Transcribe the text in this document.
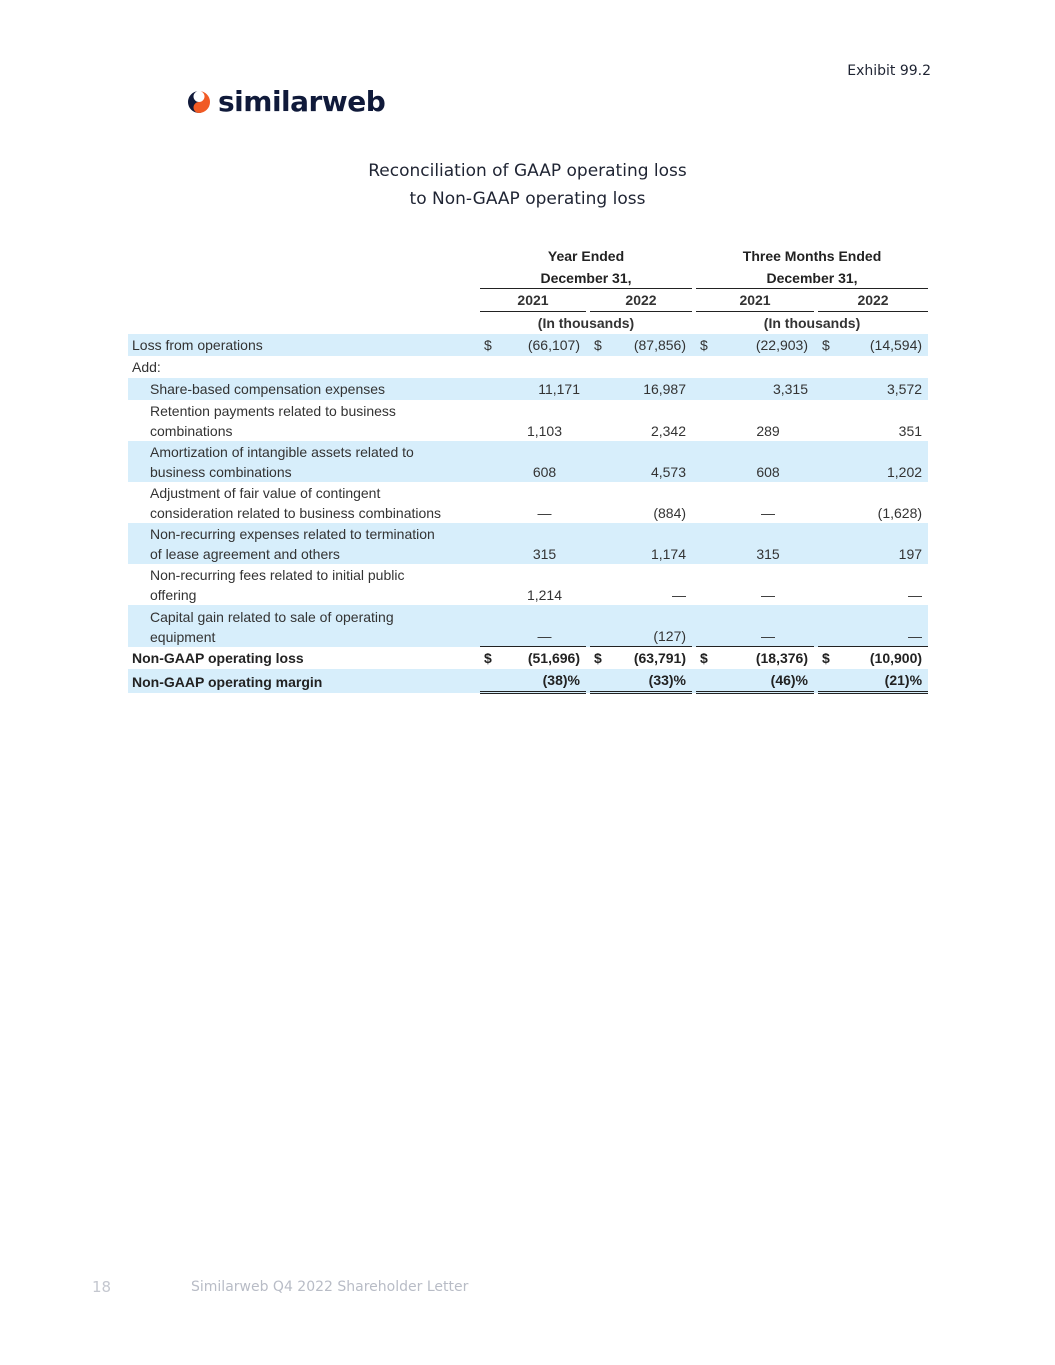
Exhibit 99.2
similarweb
Reconciliation of GAAP operating loss
to Non-GAAP operating loss

	Year Ended						Three Months Ended				

	December 31,						December 31,				
	2021			2022			2021			2022	
	(In thousands)						(In thousands)				
Loss from operations	$	(66,107)		$	(87,856)		$	(22,903)		$	(14,594)
Add:											
Share-based compensation expenses		11,171			16,987			3,315			3,572

Retention payments related to business
combinations		1,103			2,342			289			351

Amortization of intangible assets related to
business combinations		608			4,573			608			1,202

Adjustment of fair value of contingent
consideration related to business combinations		—			(884)			—			(1,628)

Non-recurring expenses related to termination
of lease agreement and others		315			1,174			315			197

Non-recurring fees related to initial public
offering		1,214			—			—			—

Capital gain related to sale of operating
equipment		—			(127)			—			—
Non-GAAP operating loss	$	(51,696)		$	(63,791)		$	(18,376)		$	(10,900)
Non-GAAP operating margin		(38)%			(33)%			(46)%			(21)%
18	Similarweb Q4 2022 Shareholder Letter
